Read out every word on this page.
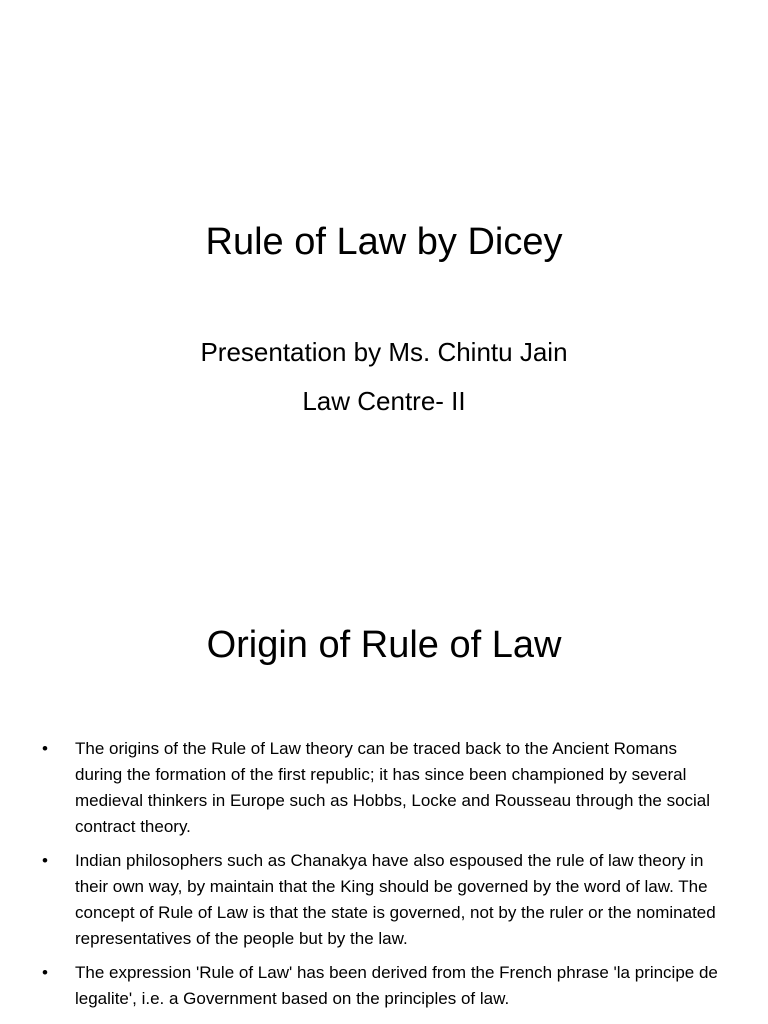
Rule of Law by Dicey
Presentation by Ms. Chintu Jain
Law Centre- II
Origin of Rule of Law
• The origins of the Rule of Law theory can be traced back to the Ancient Romans during the formation of the first republic; it has since been championed by several medieval thinkers in Europe such as Hobbs, Locke and Rousseau through the social contract theory.
• Indian philosophers such as Chanakya have also espoused the rule of law theory in their own way, by maintain that the King should be governed by the word of law. The concept of Rule of Law is that the state is governed, not by the ruler or the nominated representatives of the people but by the law.
• The expression 'Rule of Law' has been derived from the French phrase 'la principe de legalite', i.e. a Government based on the principles of law.
